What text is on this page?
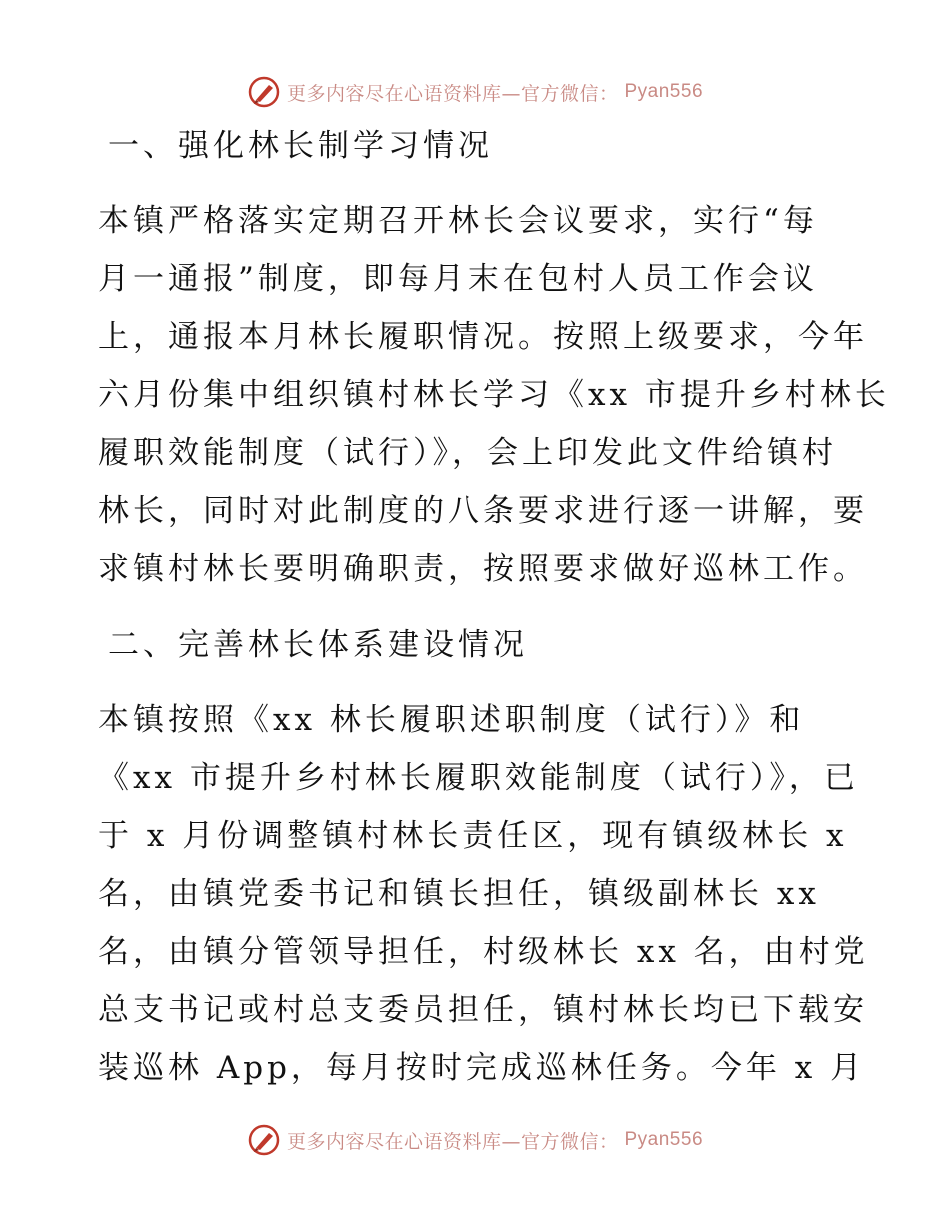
更多内容尽在心语资料库—官方微信： Pyan556
一、强化林长制学习情况
本镇严格落实定期召开林长会议要求，实行“每
月一通报”制度，即每月末在包村人员工作会议
上，通报本月林长履职情况。按照上级要求，今年
六月份集中组织镇村林长学习《xx 市提升乡村林长
履职效能制度（试行）》，会上印发此文件给镇村
林长，同时对此制度的八条要求进行逐一讲解，要
求镇村林长要明确职责，按照要求做好巡林工作。
二、完善林长体系建设情况
本镇按照《xx 林长履职述职制度（试行）》和
《xx 市提升乡村林长履职效能制度（试行）》，已
于 x 月份调整镇村林长责任区，现有镇级林长 x
名，由镇党委书记和镇长担任，镇级副林长 xx
名，由镇分管领导担任，村级林长 xx 名，由村党
总支书记或村总支委员担任，镇村林长均已下载安
装巡林 App，每月按时完成巡林任务。今年 x 月
更多内容尽在心语资料库—官方微信： Pyan556
